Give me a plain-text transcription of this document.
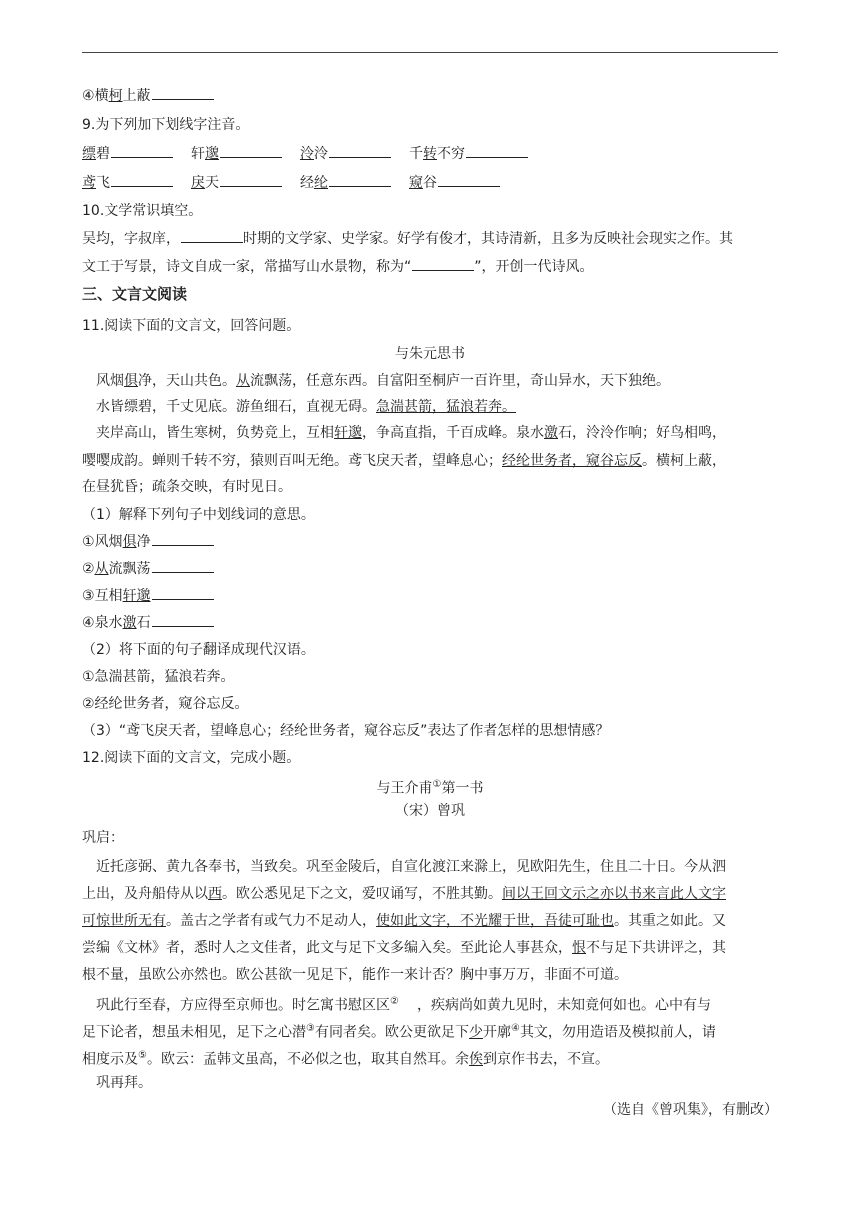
④横柯上蔽
9.为下列加下划线字注音。
缥碧	轩邈	泠泠	千转不穷
鸢飞	戾天	经纶	窥谷
10.文学常识填空。
吴均，字叔庠，	时期的文学家、史学家。好学有俊才，其诗清新，且多为反映社会现实之作。其
文工于写景，诗文自成一家，常描写山水景物，称为“	”，开创一代诗风。
三、文言文阅读
11.阅读下面的文言文，回答问题。
与朱元思书
风烟俱净，天山共色。从流飘荡，任意东西。自富阳至桐庐一百许里，奇山异水，天下独绝。
水皆缥碧，千丈见底。游鱼细石，直视无碍。急湍甚箭，猛浪若奔。
夹岸高山，皆生寒树，负势竞上，互相轩邈，争高直指，千百成峰。泉水激石，泠泠作响；好鸟相鸣，
嘤嘤成韵。蝉则千转不穷，猿则百叫无绝。鸢飞戾天者，望峰息心；经纶世务者，窥谷忘反。横柯上蔽，
在昼犹昏；疏条交映，有时见日。
（1）解释下列句子中划线词的意思。
①风烟俱净
②从流飘荡
③互相轩邈
④泉水激石
（2）将下面的句子翻译成现代汉语。
①急湍甚箭，猛浪若奔。
②经纶世务者，窥谷忘反。
（3）“鸢飞戾天者，望峰息心；经纶世务者，窥谷忘反”表达了作者怎样的思想情感？
12.阅读下面的文言文，完成小题。
与王介甫①第一书
（宋）曾巩
巩启：
近托彦弼、黄九各奉书，当致矣。巩至金陵后，自宣化渡江来滁上，见欧阳先生，住且二十日。今从泗
上出，及舟船侍从以西。欧公悉见足下之文，爱叹诵写，不胜其勤。间以王回文示之亦以书来言此人文字
可惊世所无有。盖古之学者有或气力不足动人，使如此文字，不光耀于世，吾徒可耻也。其重之如此。又
尝编《文林》者，悉时人之文佳者，此文与足下文多编入矣。至此论人事甚众，恨不与足下共讲评之，其
根不量，虽欧公亦然也。欧公甚欲一见足下，能作一来计否？胸中事万万，非面不可道。
巩此行至春，方应得至京师也。时乞寓书慰区区② ，疾病尚如黄九见时，未知竟何如也。心中有与
足下论者，想虽未相见，足下之心潜③有同者矣。欧公更欲足下少开廓④其文，勿用造语及模拟前人，请
相度示及⑤。欧云：孟韩文虽高，不必似之也，取其自然耳。余俟到京作书去，不宣。
巩再拜。
（选自《曾巩集》，有删改）
